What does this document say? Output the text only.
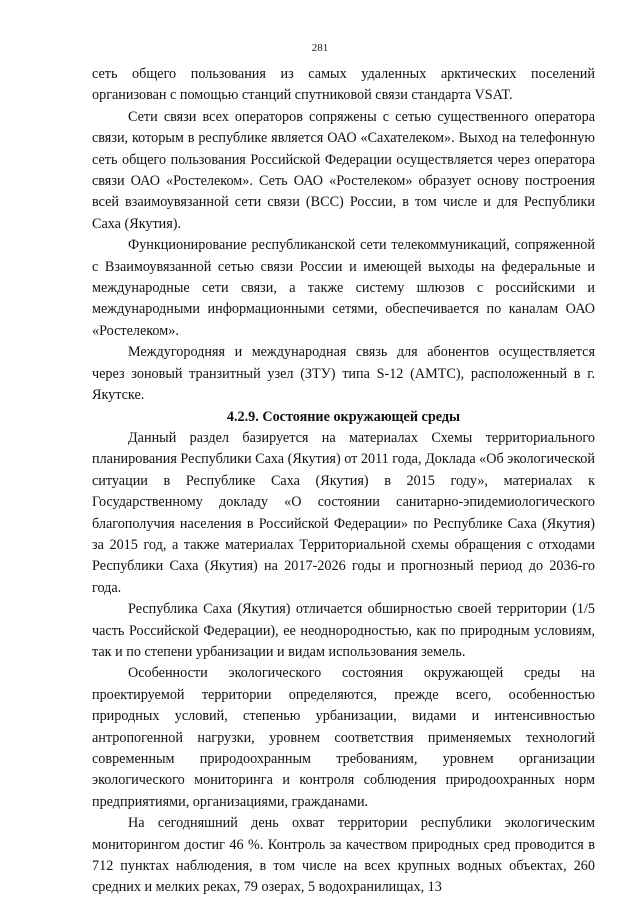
281

сеть общего пользования из самых удаленных арктических поселений организован с помощью станций спутниковой связи стандарта VSAT.

Сети связи всех операторов сопряжены с сетью существенного оператора связи, которым в республике является ОАО «Сахателеком». Выход на телефонную сеть общего пользования Российской Федерации осуществляется через оператора связи ОАО «Ростелеком». Сеть ОАО «Ростелеком» образует основу построения всей взаимоувязанной сети связи (ВСС) России, в том числе и для Республики Саха (Якутия).

Функционирование республиканской сети телекоммуникаций, сопряженной с Взаимоувязанной сетью связи России и имеющей выходы на федеральные и международные сети связи, а также систему шлюзов с российскими и международными информационными сетями, обеспечивается по каналам ОАО «Ростелеком».

Междугородняя и международная связь для абонентов осуществляется через зоновый транзитный узел (ЗТУ) типа S-12 (АМТС), расположенный в г. Якутске.

4.2.9. Состояние окружающей среды

Данный раздел базируется на материалах Схемы территориального планирования Республики Саха (Якутия) от 2011 года, Доклада «Об экологической ситуации в Республике Саха (Якутия) в 2015 году», материалах к Государственному докладу «О состоянии санитарно-эпидемиологического благополучия населения в Российской Федерации» по Республике Саха (Якутия) за 2015 год, а также материалах Территориальной схемы обращения с отходами Республики Саха (Якутия) на 2017-2026 годы и прогнозный период до 2036-го года.

Республика Саха (Якутия) отличается обширностью своей территории (1/5 часть Российской Федерации), ее неоднородностью, как по природным условиям, так и по степени урбанизации и видам использования земель.

Особенности экологического состояния окружающей среды на проектируемой территории определяются, прежде всего, особенностью природных условий, степенью урбанизации, видами и интенсивностью антропогенной нагрузки, уровнем соответствия применяемых технологий современным природоохранным требованиям, уровнем организации экологического мониторинга и контроля соблюдения природоохранных норм предприятиями, организациями, гражданами.

На сегодняшний день охват территории республики экологическим мониторингом достиг 46 %. Контроль за качеством природных сред проводится в 712 пунктах наблюдения, в том числе на всех крупных водных объектах, 260 средних и мелких реках, 79 озерах, 5 водохранилищах, 13
